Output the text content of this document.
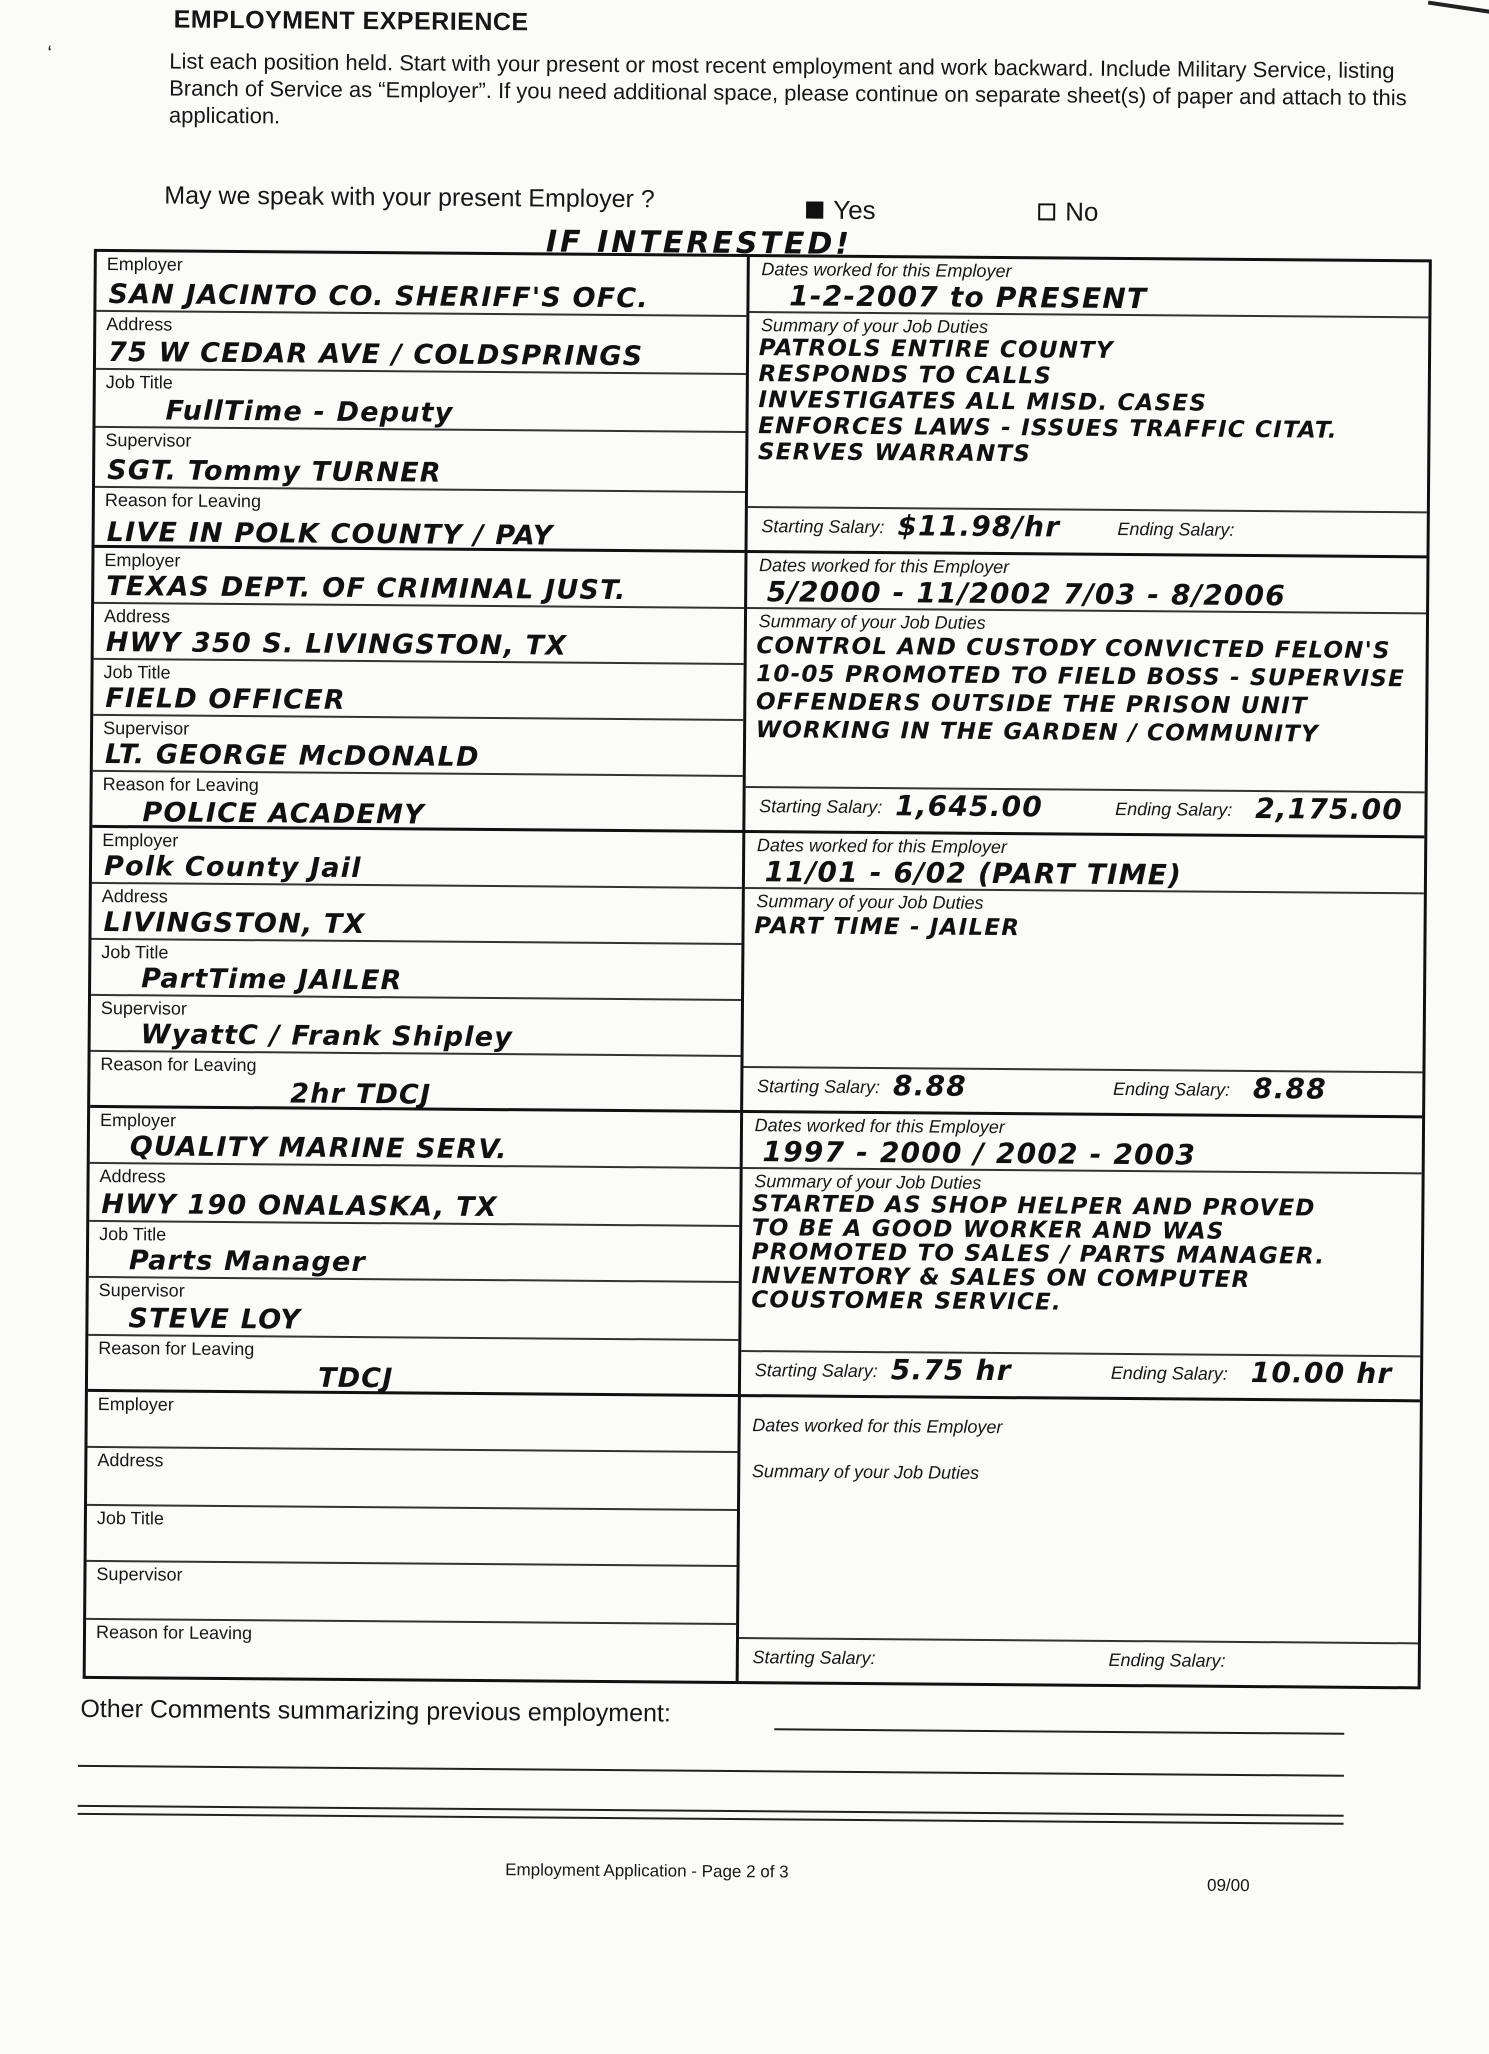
‘
EMPLOYMENT EXPERIENCE
List each position held. Start with your present or most recent employment and work backward. Include Military Service, listing Branch of Service as “Employer”. If you need additional space, please continue on separate sheet(s) of paper and attach to this application.
May we speak with your present Employer ?	Yes	No
IF INTERESTED!
Employer
SAN JACINTO CO. SHERIFF'S OFC.
Address
75 W CEDAR AVE / COLDSPRINGS
Job Title
FullTime - Deputy
Supervisor
SGT. Tommy TURNER
Reason for Leaving
LIVE IN POLK COUNTY / PAY
Dates worked for this Employer
1-2-2007 to PRESENT
Summary of your Job Duties
PATROLS ENTIRE COUNTY
RESPONDS TO CALLS
INVESTIGATES ALL MISD. CASES
ENFORCES LAWS - ISSUES TRAFFIC CITAT.
SERVES WARRANTS
Starting Salary: $11.98/hr	Ending Salary:
Employer
TEXAS DEPT. OF CRIMINAL JUST.
Address
HWY 350 S. LIVINGSTON, TX
Job Title
FIELD OFFICER
Supervisor
LT. GEORGE McDONALD
Reason for Leaving
POLICE ACADEMY
Dates worked for this Employer
5/2000 - 11/2002 7/03 - 8/2006
Summary of your Job Duties
CONTROL AND CUSTODY CONVICTED FELON'S
10-05 PROMOTED TO FIELD BOSS - SUPERVISE
OFFENDERS OUTSIDE THE PRISON UNIT
WORKING IN THE GARDEN / COMMUNITY
Starting Salary: 1,645.00	Ending Salary: 2,175.00
Employer
Polk County Jail
Address
LIVINGSTON, TX
Job Title
PartTime JAILER
Supervisor
WyattC / Frank Shipley
Reason for Leaving
2hr TDCJ
Dates worked for this Employer
11/01 - 6/02 (PART TIME)
Summary of your Job Duties
PART TIME - JAILER
Starting Salary: 8.88	Ending Salary: 8.88
Employer
QUALITY MARINE SERV.
Address
HWY 190 ONALASKA, TX
Job Title
Parts Manager
Supervisor
STEVE LOY
Reason for Leaving
TDCJ
Dates worked for this Employer
1997 - 2000 / 2002 - 2003
Summary of your Job Duties
STARTED AS SHOP HELPER AND PROVED
TO BE A GOOD WORKER AND WAS
PROMOTED TO SALES / PARTS MANAGER.
INVENTORY & SALES ON COMPUTER
COUSTOMER SERVICE.
Starting Salary: 5.75 hr	Ending Salary: 10.00 hr
Employer
Address
Job Title
Supervisor
Reason for Leaving
Dates worked for this Employer
Summary of your Job Duties
Starting Salary:	Ending Salary:
Other Comments summarizing previous employment:
Employment Application - Page 2 of 3
09/00
